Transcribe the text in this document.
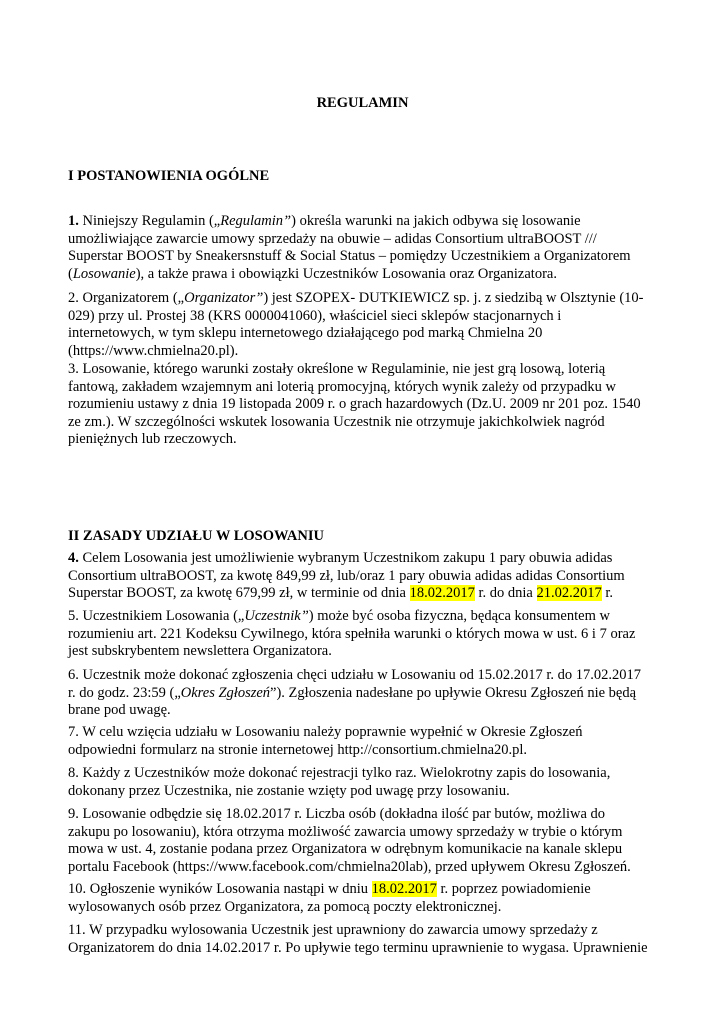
REGULAMIN
I POSTANOWIENIA OGÓLNE

1. Niniejszy Regulamin („Regulamin”) określa warunki na jakich odbywa się losowanie
umożliwiające zawarcie umowy sprzedaży na obuwie – adidas Consortium ultraBOOST ///
Superstar BOOST by Sneakersnstuff & Social Status – pomiędzy Uczestnikiem a Organizatorem
(Losowanie), a także prawa i obowiązki Uczestników Losowania oraz Organizatora.

2. Organizatorem („Organizator”) jest SZOPEX- DUTKIEWICZ sp. j. z siedzibą w Olsztynie (10-
029) przy ul. Prostej 38 (KRS 0000041060), właściciel sieci sklepów stacjonarnych i
internetowych, w tym sklepu internetowego działającego pod marką Chmielna 20
(https://www.chmielna20.pl).

3. Losowanie, którego warunki zostały określone w Regulaminie, nie jest grą losową, loterią
fantową, zakładem wzajemnym ani loterią promocyjną, których wynik zależy od przypadku w
rozumieniu ustawy z dnia 19 listopada 2009 r. o grach hazardowych (Dz.U. 2009 nr 201 poz. 1540
ze zm.). W szczególności wskutek losowania Uczestnik nie otrzymuje jakichkolwiek nagród
pieniężnych lub rzeczowych.

II ZASADY UDZIAŁU W LOSOWANIU

4. Celem Losowania jest umożliwienie wybranym Uczestnikom zakupu 1 pary obuwia adidas
Consortium ultraBOOST, za kwotę 849,99 zł, lub/oraz 1 pary obuwia adidas adidas Consortium
Superstar BOOST, za kwotę 679,99 zł, w terminie od dnia 18.02.2017 r. do dnia 21.02.2017 r.

5. Uczestnikiem Losowania („Uczestnik”) może być osoba fizyczna, będąca konsumentem w
rozumieniu art. 221 Kodeksu Cywilnego, która spełniła warunki o których mowa w ust. 6 i 7 oraz
jest subskrybentem newslettera Organizatora.

6. Uczestnik może dokonać zgłoszenia chęci udziału w Losowaniu od 15.02.2017 r. do 17.02.2017
r. do godz. 23:59 („Okres Zgłoszeń”). Zgłoszenia nadesłane po upływie Okresu Zgłoszeń nie będą
brane pod uwagę.

7. W celu wzięcia udziału w Losowaniu należy poprawnie wypełnić w Okresie Zgłoszeń
odpowiedni formularz na stronie internetowej http://consortium.chmielna20.pl.

8. Każdy z Uczestników może dokonać rejestracji tylko raz. Wielokrotny zapis do losowania,
dokonany przez Uczestnika, nie zostanie wzięty pod uwagę przy losowaniu.

9. Losowanie odbędzie się 18.02.2017 r. Liczba osób (dokładna ilość par butów, możliwa do
zakupu po losowaniu), która otrzyma możliwość zawarcia umowy sprzedaży w trybie o którym
mowa w ust. 4, zostanie podana przez Organizatora w odrębnym komunikacie na kanale sklepu
portalu Facebook (https://www.facebook.com/chmielna20lab), przed upływem Okresu Zgłoszeń.

10. Ogłoszenie wyników Losowania nastąpi w dniu 18.02.2017 r. poprzez powiadomienie
wylosowanych osób przez Organizatora, za pomocą poczty elektronicznej.

11. W przypadku wylosowania Uczestnik jest uprawniony do zawarcia umowy sprzedaży z
Organizatorem do dnia 14.02.2017 r. Po upływie tego terminu uprawnienie to wygasa. Uprawnienie
